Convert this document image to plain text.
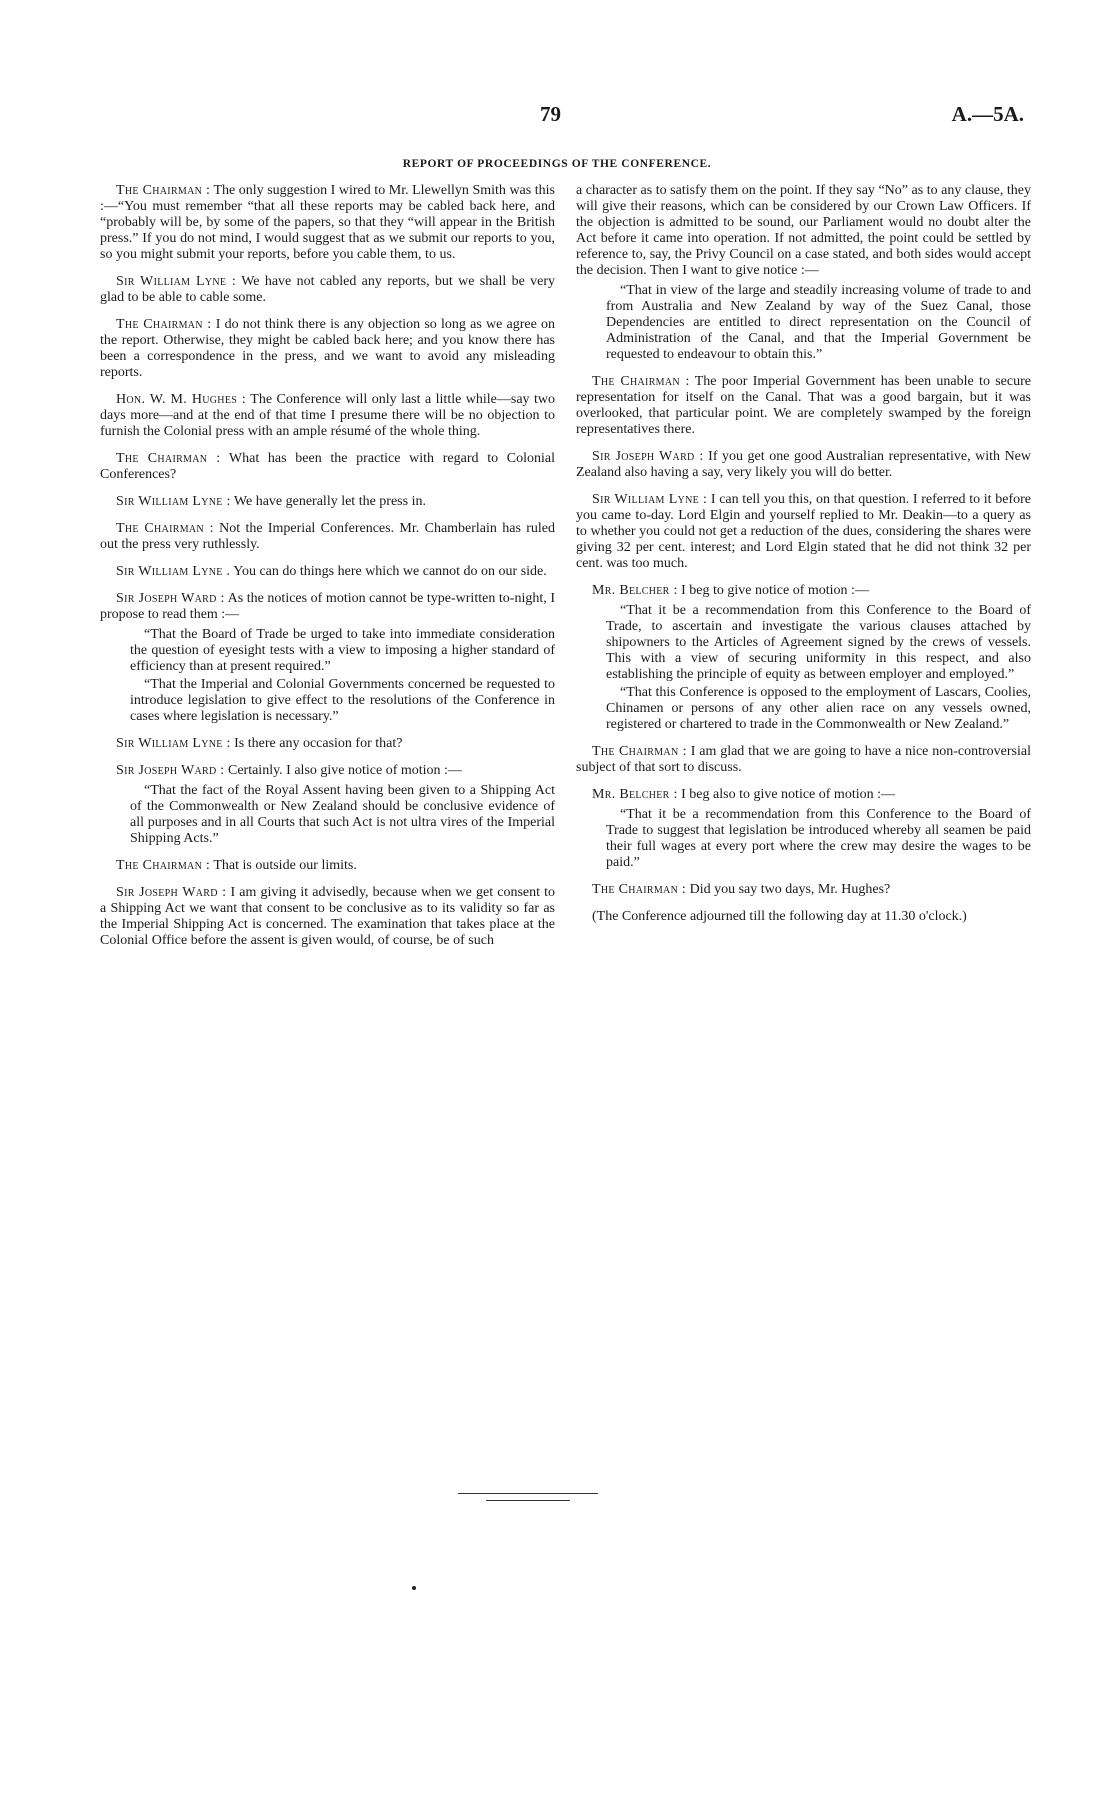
79	A.—5A.
REPORT OF PROCEEDINGS OF THE CONFERENCE.

The Chairman : The only suggestion I wired to Mr. Llewellyn Smith was this :—“You must remember “that all these reports may be cabled back here, and “probably will be, by some of the papers, so that they “will appear in the British press.” If you do not mind, I would suggest that as we submit our reports to you, so you might submit your reports, before you cable them, to us.

Sir William Lyne : We have not cabled any reports, but we shall be very glad to be able to cable some.

The Chairman : I do not think there is any objection so long as we agree on the report. Otherwise, they might be cabled back here; and you know there has been a correspondence in the press, and we want to avoid any misleading reports.

Hon. W. M. Hughes : The Conference will only last a little while—say two days more—and at the end of that time I presume there will be no objection to furnish the Colonial press with an ample résumé of the whole thing.

The Chairman : What has been the practice with regard to Colonial Conferences?

Sir William Lyne : We have generally let the press in.

The Chairman : Not the Imperial Conferences. Mr. Chamberlain has ruled out the press very ruthlessly.

Sir William Lyne . You can do things here which we cannot do on our side.

Sir Joseph Ward : As the notices of motion cannot be type-written to-night, I propose to read them :—

“That the Board of Trade be urged to take into immediate consideration the question of eyesight tests with a view to imposing a higher standard of efficiency than at present required.”

“That the Imperial and Colonial Governments concerned be requested to introduce legislation to give effect to the resolutions of the Conference in cases where legislation is necessary.”

Sir William Lyne : Is there any occasion for that?

Sir Joseph Ward : Certainly. I also give notice of motion :—

“That the fact of the Royal Assent having been given to a Shipping Act of the Commonwealth or New Zealand should be conclusive evidence of all purposes and in all Courts that such Act is not ultra vires of the Imperial Shipping Acts.”

The Chairman : That is outside our limits.

Sir Joseph Ward : I am giving it advisedly, because when we get consent to a Shipping Act we want that consent to be conclusive as to its validity so far as the Imperial Shipping Act is concerned. The examination that takes place at the Colonial Office before the assent is given would, of course, be of such

a character as to satisfy them on the point. If they say “No” as to any clause, they will give their reasons, which can be considered by our Crown Law Officers. If the objection is admitted to be sound, our Parliament would no doubt alter the Act before it came into operation. If not admitted, the point could be settled by reference to, say, the Privy Council on a case stated, and both sides would accept the decision. Then I want to give notice :—

“That in view of the large and steadily increasing volume of trade to and from Australia and New Zealand by way of the Suez Canal, those Dependencies are entitled to direct representation on the Council of Administration of the Canal, and that the Imperial Government be requested to endeavour to obtain this.”

The Chairman : The poor Imperial Government has been unable to secure representation for itself on the Canal. That was a good bargain, but it was overlooked, that particular point. We are completely swamped by the foreign representatives there.

Sir Joseph Ward : If you get one good Australian representative, with New Zealand also having a say, very likely you will do better.

Sir William Lyne : I can tell you this, on that question. I referred to it before you came to-day. Lord Elgin and yourself replied to Mr. Deakin—to a query as to whether you could not get a reduction of the dues, considering the shares were giving 32 per cent. interest; and Lord Elgin stated that he did not think 32 per cent. was too much.

Mr. Belcher : I beg to give notice of motion :—

“That it be a recommendation from this Conference to the Board of Trade, to ascertain and investigate the various clauses attached by shipowners to the Articles of Agreement signed by the crews of vessels. This with a view of securing uniformity in this respect, and also establishing the principle of equity as between employer and employed.”

“That this Conference is opposed to the employment of Lascars, Coolies, Chinamen or persons of any other alien race on any vessels owned, registered or chartered to trade in the Commonwealth or New Zealand.”

The Chairman : I am glad that we are going to have a nice non-controversial subject of that sort to discuss.

Mr. Belcher : I beg also to give notice of motion :—

“That it be a recommendation from this Conference to the Board of Trade to suggest that legislation be introduced whereby all seamen be paid their full wages at every port where the crew may desire the wages to be paid.”

The Chairman : Did you say two days, Mr. Hughes?

(The Conference adjourned till the following day at 11.30 o'clock.)
